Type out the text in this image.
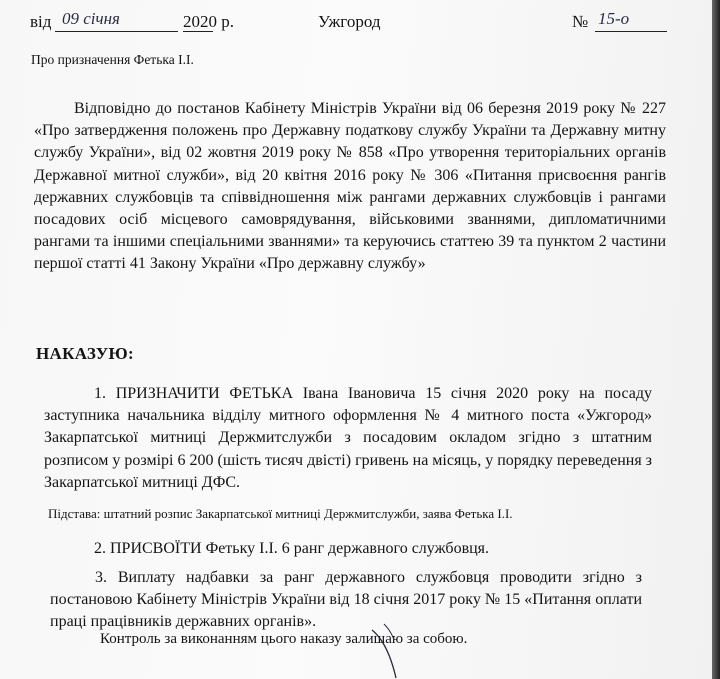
від 09 січня	2020 р.	Ужгород	№ 15-о
Про призначення Фетька І.І.

Відповідно до постанов Кабінету Міністрів України від 06 березня 2019 року № 227 «Про затвердження положень про Державну податкову службу України та Державну митну службу України», від 02 жовтня 2019 року № 858 «Про утворення територіальних органів Державної митної служби», від 20 квітня 2016 року № 306 «Питання присвоєння рангів державних службовців та співвідношення між рангами державних службовців і рангами посадових осіб місцевого самоврядування, військовими званнями, дипломатичними рангами та іншими спеціальними званнями» та керуючись статтею 39 та пунктом 2 частини першої статті 41 Закону України «Про державну службу»

НАКАЗУЮ:

1. ПРИЗНАЧИТИ ФЕТЬКА Івана Івановича 15 січня 2020 року на посаду заступника начальника відділу митного оформлення № 4 митного поста «Ужгород» Закарпатської митниці Держмитслужби з посадовим окладом згідно з штатним розписом у розмірі 6 200 (шість тисяч двісті) гривень на місяць, у порядку переведення з Закарпатської митниці ДФС.

Підстава: штатний розпис Закарпатської митниці Держмитслужби, заява Фетька І.І.
2. ПРИСВОЇТИ Фетьку І.І. 6 ранг державного службовця.

3. Виплату надбавки за ранг державного службовця проводити згідно з постановою Кабінету Міністрів України від 18 січня 2017 року № 15 «Питання оплати праці працівників державних органів».

Контроль за виконанням цього наказу залишаю за собою.
